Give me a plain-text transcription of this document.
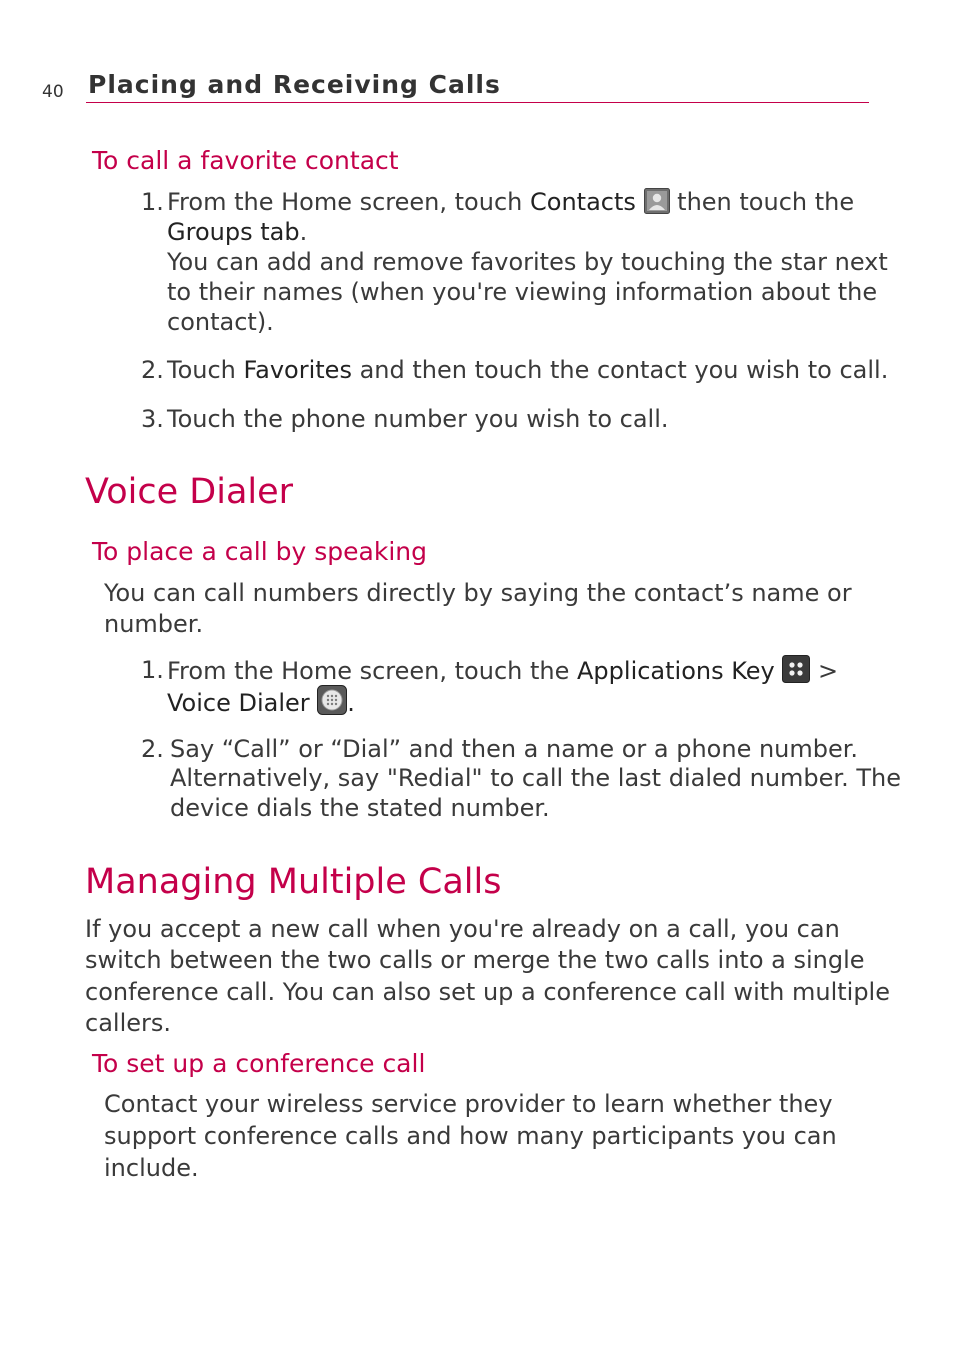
40 Placing and Receiving Calls
To call a favorite contact
1. From the Home screen, touch Contacts then touch the
Groups tab.
You can add and remove favorites by touching the star next
to their names (when you're viewing information about the
contact).
2. Touch Favorites and then touch the contact you wish to call.
3. Touch the phone number you wish to call.
Voice Dialer
To place a call by speaking
You can call numbers directly by saying the contact’s name or
number.
1. From the Home screen, touch the Applications Key >
Voice Dialer .
2. Say “Call” or “Dial” and then a name or a phone number.
Alternatively, say "Redial" to call the last dialed number. The
device dials the stated number.
Managing Multiple Calls
If you accept a new call when you're already on a call, you can
switch between the two calls or merge the two calls into a single
conference call. You can also set up a conference call with multiple
callers.
To set up a conference call
Contact your wireless service provider to learn whether they
support conference calls and how many participants you can
include.
